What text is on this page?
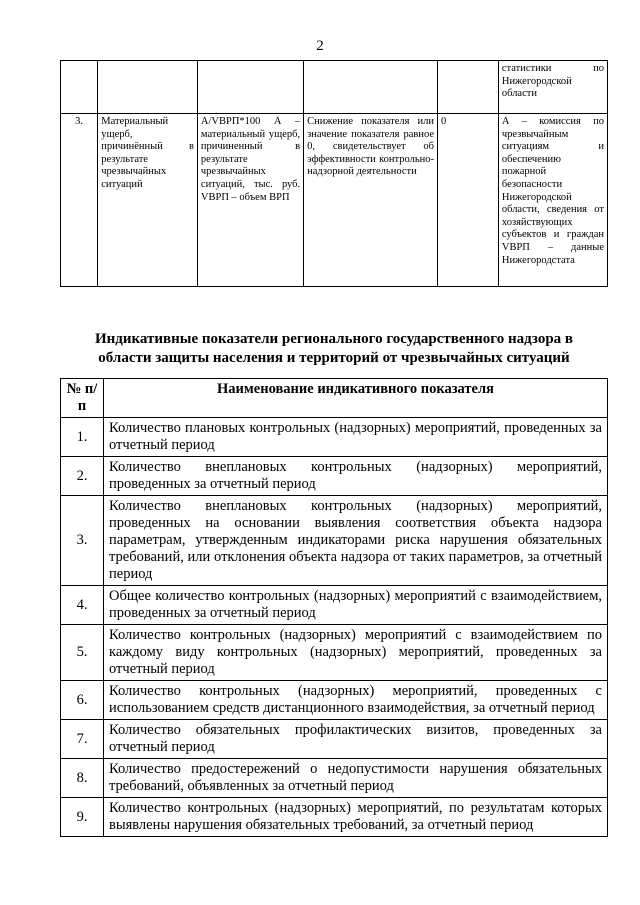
2
					статистики по Нижегородской области
3.	Материальный ущерб, причинённый в результате чрезвычайных ситуаций	А/VВРП*100 А – материальный ущерб, причиненный в результате чрезвычайных ситуаций, тыс. руб. VВРП – объем ВРП	Снижение показателя или значение показателя равное 0, свидетельствует об эффективности контрольно-надзорной деятельности	0	А – комиссия по чрезвычайным ситуациям и обеспечению пожарной безопасности Нижегородской области, сведения от хозяйствующих субъектов и граждан VВРП – данные Нижегородстата
Индикативные показатели регионального государственного надзора в
области защиты населения и территорий от чрезвычайных ситуаций
№ п/п	Наименование индикативного показателя
1.	Количество плановых контрольных (надзорных) мероприятий, проведенных за отчетный период
2.	Количество внеплановых контрольных (надзорных) мероприятий, проведенных за отчетный период
3.	Количество внеплановых контрольных (надзорных) мероприятий, проведенных на основании выявления соответствия объекта надзора параметрам, утвержденным индикаторами риска нарушения обязательных требований, или отклонения объекта надзора от таких параметров, за отчетный период
4.	Общее количество контрольных (надзорных) мероприятий с взаимодействием, проведенных за отчетный период
5.	Количество контрольных (надзорных) мероприятий с взаимодействием по каждому виду контрольных (надзорных) мероприятий, проведенных за отчетный период
6.	Количество контрольных (надзорных) мероприятий, проведенных с использованием средств дистанционного взаимодействия, за отчетный период
7.	Количество обязательных профилактических визитов, проведенных за отчетный период
8.	Количество предостережений о недопустимости нарушения обязательных требований, объявленных за отчетный период
9.	Количество контрольных (надзорных) мероприятий, по результатам которых выявлены нарушения обязательных требований, за отчетный период
